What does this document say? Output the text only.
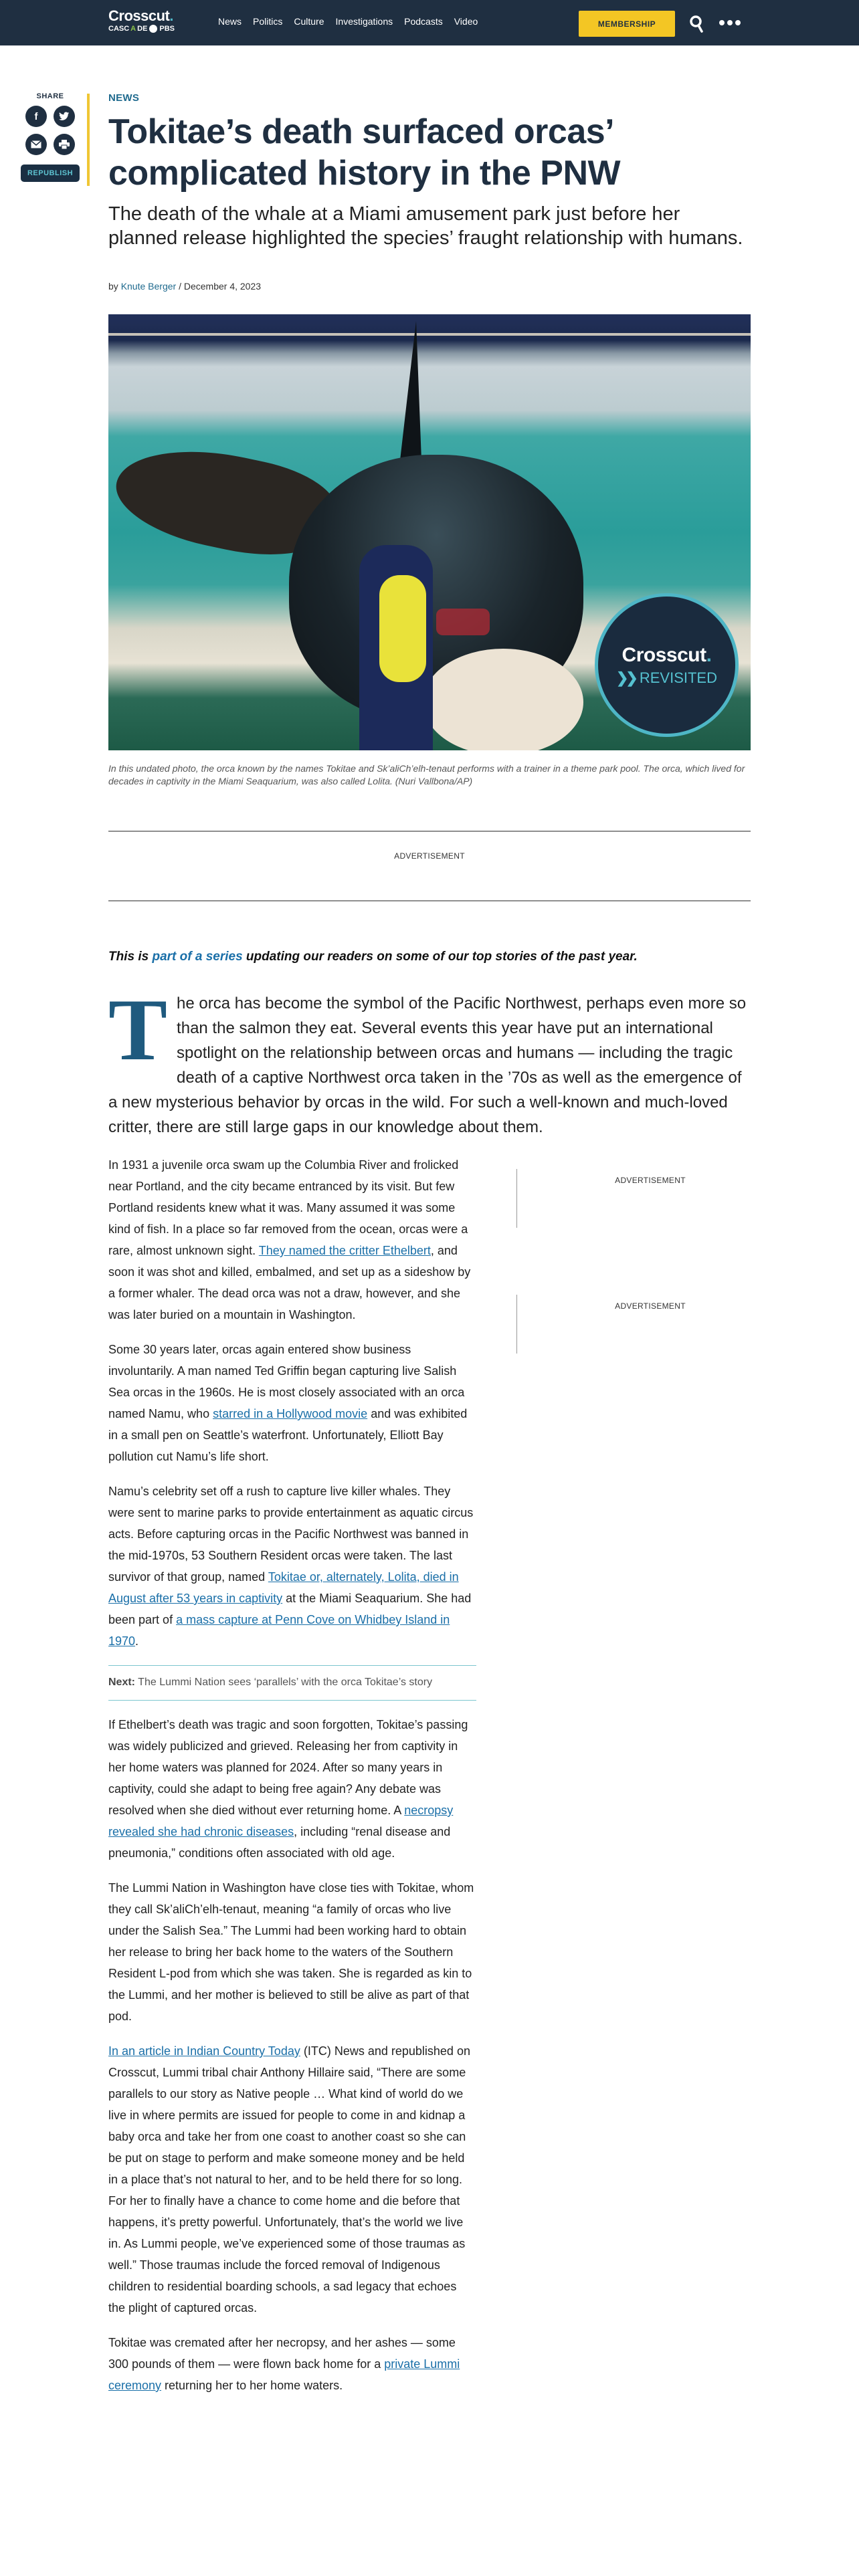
Crosscut.
CASC A DE PBS
News Politics Culture Investigations Podcasts Video	MEMBERSHIP
SHARE
f
REPUBLISH
NEWS
Tokitae’s death surfaced orcas’ complicated history in the PNW

The death of the whale at a Miami amusement park just before her planned release highlighted the species’ fraught relationship with humans.

by Knute Berger / December 4, 2023
Crosscut.
❯❯ REVISITED
In this undated photo, the orca known by the names Tokitae and Sk’aliCh’elh-tenaut performs with a trainer in a theme park pool. The orca, which lived for decades in captivity in the Miami Seaquarium, was also called Lolita. (Nuri Vallbona/AP)
ADVERTISEMENT

This is part of a series updating our readers on some of our top stories of the past year.

The orca has become the symbol of the Pacific Northwest, perhaps even more so than the salmon they eat. Several events this year have put an international spotlight on the relationship between orcas and humans — including the tragic death of a captive Northwest orca taken in the ’70s as well as the emergence of a new mysterious behavior by orcas in the wild. For such a well-known and much-loved critter, there are still large gaps in our knowledge about them.

In 1931 a juvenile orca swam up the Columbia River and frolicked near Portland, and the city became entranced by its visit. But few Portland residents knew what it was. Many assumed it was some kind of fish. In a place so far removed from the ocean, orcas were a rare, almost unknown sight. They named the critter Ethelbert, and soon it was shot and killed, embalmed, and set up as a sideshow by a former whaler. The dead orca was not a draw, however, and she was later buried on a mountain in Washington.

Some 30 years later, orcas again entered show business involuntarily. A man named Ted Griffin began capturing live Salish Sea orcas in the 1960s. He is most closely associated with an orca named Namu, who starred in a Hollywood movie and was exhibited in a small pen on Seattle’s waterfront. Unfortunately, Elliott Bay pollution cut Namu’s life short.

Namu’s celebrity set off a rush to capture live killer whales. They were sent to marine parks to provide entertainment as aquatic circus acts. Before capturing orcas in the Pacific Northwest was banned in the mid-1970s, 53 Southern Resident orcas were taken. The last survivor of that group, named Tokitae or, alternately, Lolita, died in August after 53 years in captivity at the Miami Seaquarium. She had been part of a mass capture at Penn Cove on Whidbey Island in 1970.

Next: The Lummi Nation sees ‘parallels’ with the orca Tokitae’s story

If Ethelbert’s death was tragic and soon forgotten, Tokitae’s passing was widely publicized and grieved. Releasing her from captivity in her home waters was planned for 2024. After so many years in captivity, could she adapt to being free again? Any debate was resolved when she died without ever returning home. A necropsy revealed she had chronic diseases, including “renal disease and pneumonia,” conditions often associated with old age.

The Lummi Nation in Washington have close ties with Tokitae, whom they call Sk’aliCh’elh-tenaut, meaning “a family of orcas who live under the Salish Sea.” The Lummi had been working hard to obtain her release to bring her back home to the waters of the Southern Resident L-pod from which she was taken. She is regarded as kin to the Lummi, and her mother is believed to still be alive as part of that pod.

In an article in Indian Country Today (ITC) News and republished on Crosscut, Lummi tribal chair Anthony Hillaire said, “There are some parallels to our story as Native people … What kind of world do we live in where permits are issued for people to come in and kidnap a baby orca and take her from one coast to another coast so she can be put on stage to perform and make someone money and be held in a place that’s not natural to her, and to be held there for so long. For her to finally have a chance to come home and die before that happens, it’s pretty powerful. Unfortunately, that’s the world we live in. As Lummi people, we’ve experienced some of those traumas as well.” Those traumas include the forced removal of Indigenous children to residential boarding schools, a sad legacy that echoes the plight of captured orcas.

Tokitae was cremated after her necropsy, and her ashes — some 300 pounds of them — were flown back home for a private Lummi ceremony returning her to her home waters.

ADVERTISEMENT
ADVERTISEMENT
